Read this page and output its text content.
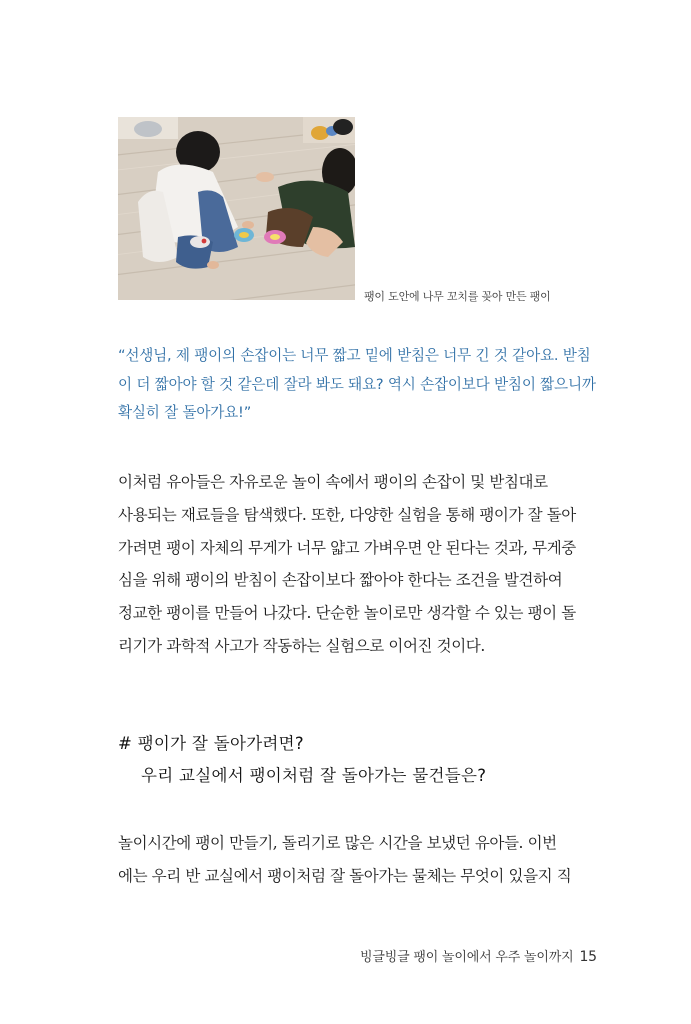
팽이 도안에 나무 꼬치를 꽂아 만든 팽이
“선생님, 제 팽이의 손잡이는 너무 짧고 밑에 받침은 너무 긴 것 같아요. 받침
이 더 짧아야 할 것 같은데 잘라 봐도 돼요? 역시 손잡이보다 받침이 짧으니까
확실히 잘 돌아가요!”
이처럼 유아들은 자유로운 놀이 속에서 팽이의 손잡이 및 받침대로
사용되는 재료들을 탐색했다. 또한, 다양한 실험을 통해 팽이가 잘 돌아
가려면 팽이 자체의 무게가 너무 얇고 가벼우면 안 된다는 것과, 무게중
심을 위해 팽이의 받침이 손잡이보다 짧아야 한다는 조건을 발견하여
정교한 팽이를 만들어 나갔다. 단순한 놀이로만 생각할 수 있는 팽이 돌
리기가 과학적 사고가 작동하는 실험으로 이어진 것이다.
# 팽이가 잘 돌아가려면?
우리 교실에서 팽이처럼 잘 돌아가는 물건들은?
놀이시간에 팽이 만들기, 돌리기로 많은 시간을 보냈던 유아들. 이번
에는 우리 반 교실에서 팽이처럼 잘 돌아가는 물체는 무엇이 있을지 직
빙글빙글 팽이 놀이에서 우주 놀이까지 15
